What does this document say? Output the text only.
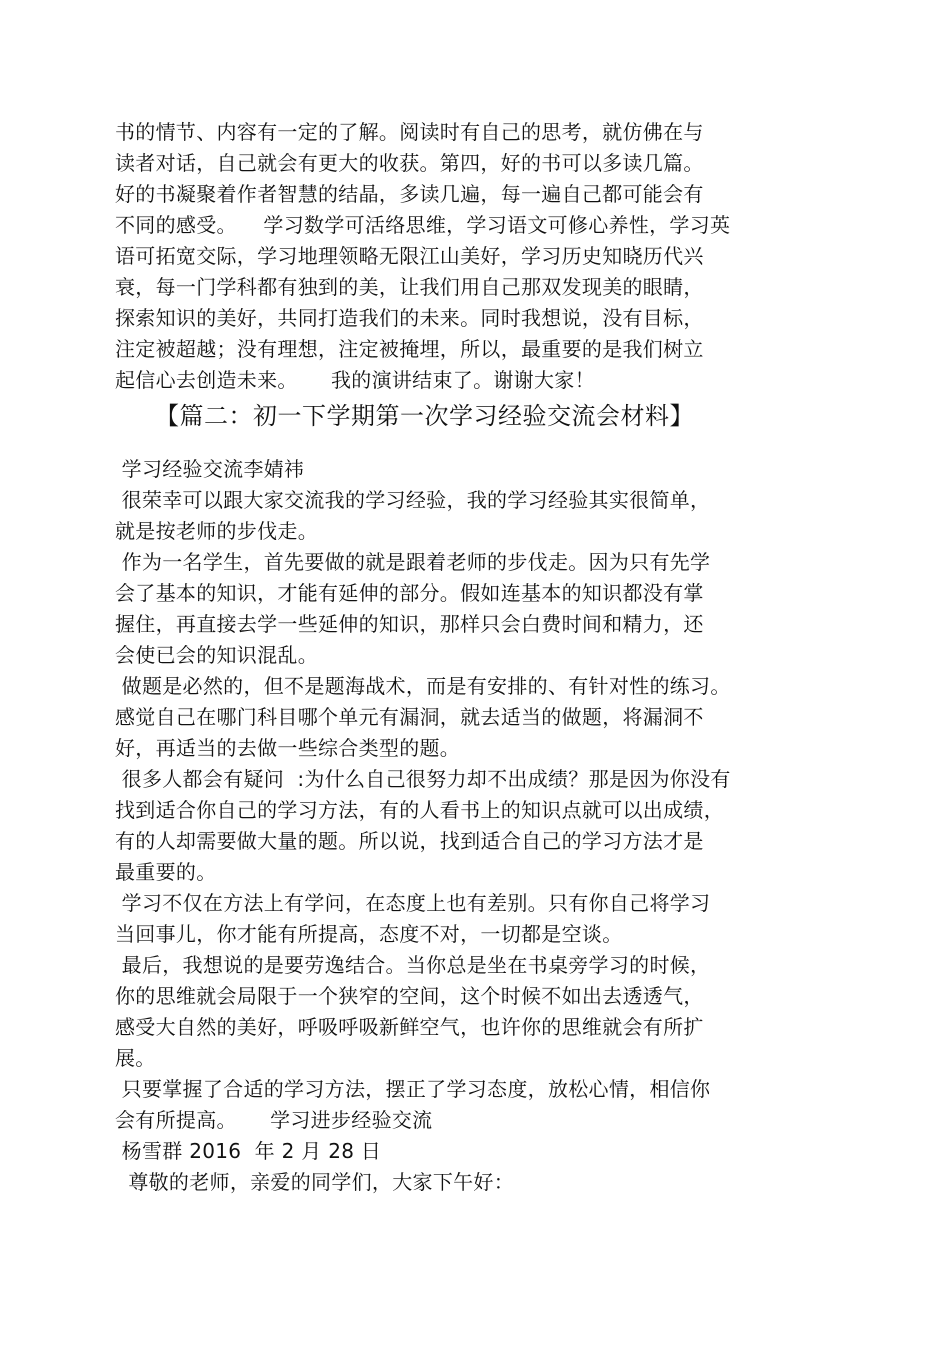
书的情节、内容有一定的了解。阅读时有自己的思考，就仿佛在与
读者对话，自己就会有更大的收获。第四，好的书可以多读几篇。
好的书凝聚着作者智慧的结晶，多读几遍，每一遍自己都可能会有
不同的感受。    学习数学可活络思维，学习语文可修心养性，学习英
语可拓宽交际，学习地理领略无限江山美好，学习历史知晓历代兴
衰，每一门学科都有独到的美，让我们用自己那双发现美的眼睛，
探索知识的美好，共同打造我们的未来。同时我想说，没有目标，
注定被超越；没有理想，注定被掩埋，所以，最重要的是我们树立
起信心去创造未来。     我的演讲结束了。谢谢大家！
【篇二：初一下学期第一次学习经验交流会材料】
学习经验交流李婧祎
很荣幸可以跟大家交流我的学习经验，我的学习经验其实很简单，
就是按老师的步伐走。
作为一名学生，首先要做的就是跟着老师的步伐走。因为只有先学
会了基本的知识，才能有延伸的部分。假如连基本的知识都没有掌
握住，再直接去学一些延伸的知识，那样只会白费时间和精力，还
会使已会的知识混乱。
做题是必然的，但不是题海战术，而是有安排的、有针对性的练习。
感觉自己在哪门科目哪个单元有漏洞，就去适当的做题，将漏洞不
好，再适当的去做一些综合类型的题。
很多人都会有疑问  :为什么自己很努力却不出成绩？那是因为你没有
找到适合你自己的学习方法，有的人看书上的知识点就可以出成绩，
有的人却需要做大量的题。所以说，找到适合自己的学习方法才是
最重要的。
学习不仅在方法上有学问，在态度上也有差别。只有你自己将学习
当回事儿，你才能有所提高，态度不对，一切都是空谈。
最后，我想说的是要劳逸结合。当你总是坐在书桌旁学习的时候，
你的思维就会局限于一个狭窄的空间，这个时候不如出去透透气，
感受大自然的美好，呼吸呼吸新鲜空气，也许你的思维就会有所扩
展。
只要掌握了合适的学习方法，摆正了学习态度，放松心情，相信你
会有所提高。     学习进步经验交流
杨雪群 2016  年 2 月 28 日
尊敬的老师，亲爱的同学们，大家下午好：
